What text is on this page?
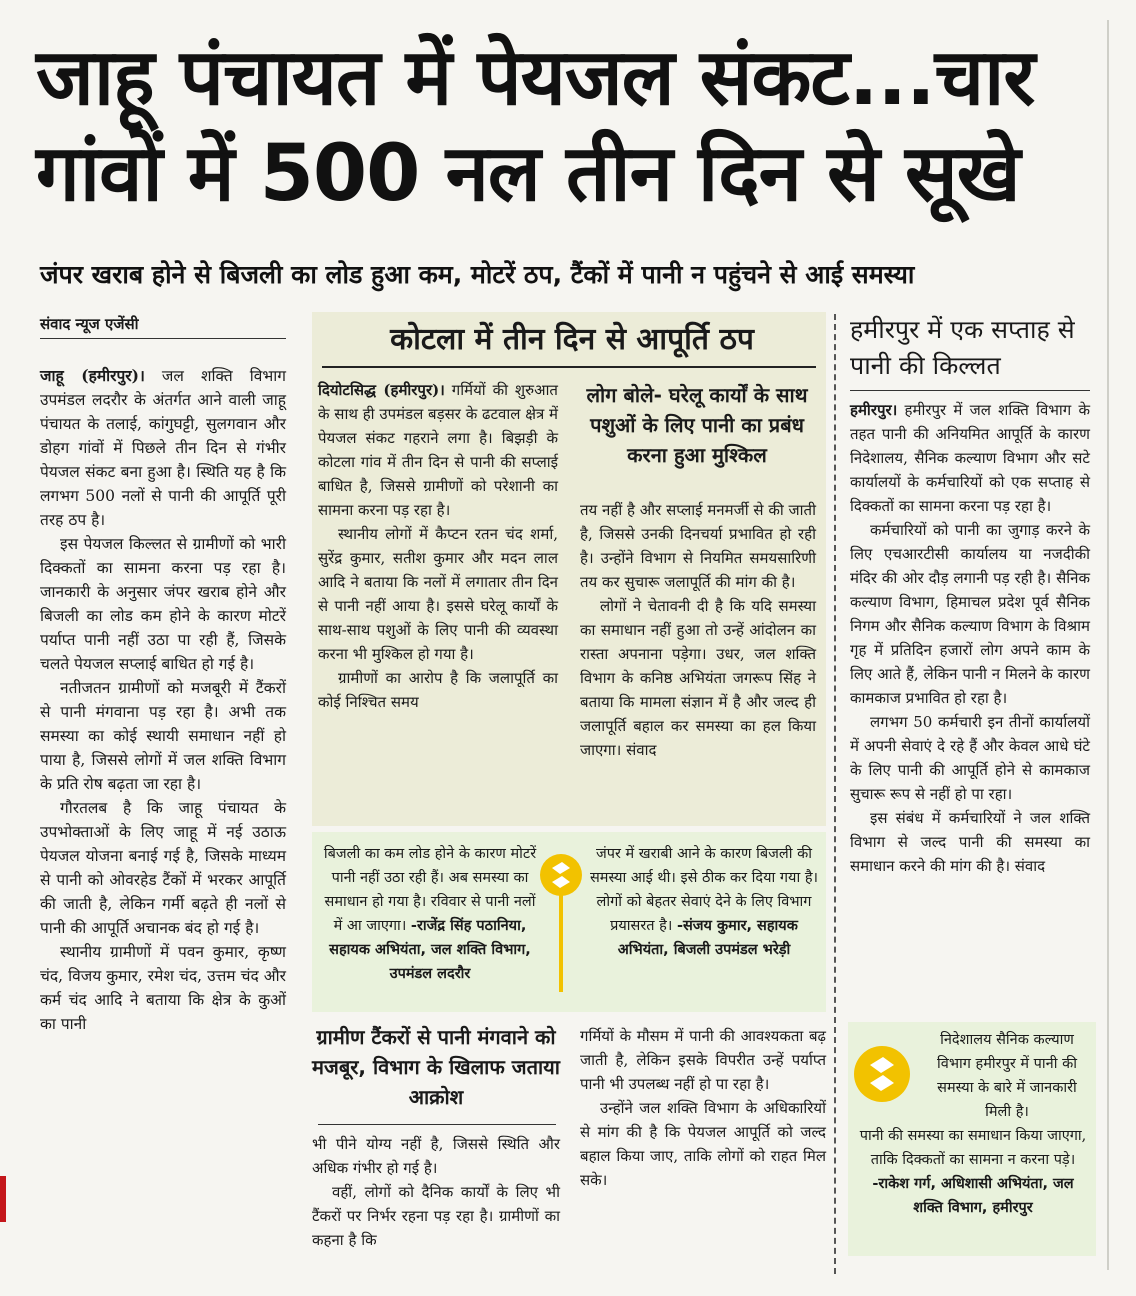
जाहू पंचायत में पेयजल संकट...चार गांवों में 500 नल तीन दिन से सूखे
जंपर खराब होने से बिजली का लोड हुआ कम, मोटरें ठप, टैंकों में पानी न पहुंचने से आई समस्या
संवाद न्यूज एजेंसी

जाहू (हमीरपुर)। जल शक्ति विभाग उपमंडल लदरौर के अंतर्गत आने वाली जाहू पंचायत के तलाई, कांगुघट्टी, सुलगवान और डोहग गांवों में पिछले तीन दिन से गंभीर पेयजल संकट बना हुआ है। स्थिति यह है कि लगभग 500 नलों से पानी की आपूर्ति पूरी तरह ठप है।

इस पेयजल किल्लत से ग्रामीणों को भारी दिक्कतों का सामना करना पड़ रहा है। जानकारी के अनुसार जंपर खराब होने और बिजली का लोड कम होने के कारण मोटरें पर्याप्त पानी नहीं उठा पा रही हैं, जिसके चलते पेयजल सप्लाई बाधित हो गई है।

नतीजतन ग्रामीणों को मजबूरी में टैंकरों से पानी मंगवाना पड़ रहा है। अभी तक समस्या का कोई स्थायी समाधान नहीं हो पाया है, जिससे लोगों में जल शक्ति विभाग के प्रति रोष बढ़ता जा रहा है।

गौरतलब है कि जाहू पंचायत के उपभोक्ताओं के लिए जाहू में नई उठाऊ पेयजल योजना बनाई गई है, जिसके माध्यम से पानी को ओवरहेड टैंकों में भरकर आपूर्ति की जाती है, लेकिन गर्मी बढ़ते ही नलों से पानी की आपूर्ति अचानक बंद हो गई है।

स्थानीय ग्रामीणों में पवन कुमार, कृष्ण चंद, विजय कुमार, रमेश चंद, उत्तम चंद और कर्म चंद आदि ने बताया कि क्षेत्र के कुओं का पानी

कोटला में तीन दिन से आपूर्ति ठप

दियोटसिद्ध (हमीरपुर)। गर्मियों की शुरुआत के साथ ही उपमंडल बड़सर के ढटवाल क्षेत्र में पेयजल संकट गहराने लगा है। बिझड़ी के कोटला गांव में तीन दिन से पानी की सप्लाई बाधित है, जिससे ग्रामीणों को परेशानी का सामना करना पड़ रहा है।

स्थानीय लोगों में कैप्टन रतन चंद शर्मा, सुरेंद्र कुमार, सतीश कुमार और मदन लाल आदि ने बताया कि नलों में लगातार तीन दिन से पानी नहीं आया है। इससे घरेलू कार्यों के साथ-साथ पशुओं के लिए पानी की व्यवस्था करना भी मुश्किल हो गया है।

ग्रामीणों का आरोप है कि जलापूर्ति का कोई निश्चित समय

लोग बोले- घरेलू कार्यों के साथ पशुओं के लिए पानी का प्रबंध करना हुआ मुश्किल

तय नहीं है और सप्लाई मनमर्जी से की जाती है, जिससे उनकी दिनचर्या प्रभावित हो रही है। उन्होंने विभाग से नियमित समयसारिणी तय कर सुचारू जलापूर्ति की मांग की है।

लोगों ने चेतावनी दी है कि यदि समस्या का समाधान नहीं हुआ तो उन्हें आंदोलन का रास्ता अपनाना पड़ेगा। उधर, जल शक्ति विभाग के कनिष्ठ अभियंता जगरूप सिंह ने बताया कि मामला संज्ञान में है और जल्द ही जलापूर्ति बहाल कर समस्या का हल किया जाएगा। संवाद

बिजली का कम लोड होने के कारण मोटरें पानी नहीं उठा रही हैं। अब समस्या का समाधान हो गया है। रविवार से पानी नलों में आ जाएगा। -राजेंद्र सिंह पठानिया, सहायक अभियंता, जल शक्ति विभाग, उपमंडल लदरौर
जंपर में खराबी आने के कारण बिजली की समस्या आई थी। इसे ठीक कर दिया गया है। लोगों को बेहतर सेवाएं देने के लिए विभाग प्रयासरत है। -संजय कुमार, सहायक अभियंता, बिजली उपमंडल भरेड़ी
ग्रामीण टैंकरों से पानी मंगवाने को मजबूर, विभाग के खिलाफ जताया आक्रोश

भी पीने योग्य नहीं है, जिससे स्थिति और अधिक गंभीर हो गई है।

वहीं, लोगों को दैनिक कार्यों के लिए भी टैंकरों पर निर्भर रहना पड़ रहा है। ग्रामीणों का कहना है कि

गर्मियों के मौसम में पानी की आवश्यकता बढ़ जाती है, लेकिन इसके विपरीत उन्हें पर्याप्त पानी भी उपलब्ध नहीं हो पा रहा है।

उन्होंने जल शक्ति विभाग के अधिकारियों से मांग की है कि पेयजल आपूर्ति को जल्द बहाल किया जाए, ताकि लोगों को राहत मिल सके।

हमीरपुर में एक सप्ताह से पानी की किल्लत

हमीरपुर। हमीरपुर में जल शक्ति विभाग के तहत पानी की अनियमित आपूर्ति के कारण निदेशालय, सैनिक कल्याण विभाग और सटे कार्यालयों के कर्मचारियों को एक सप्ताह से दिक्कतों का सामना करना पड़ रहा है।

कर्मचारियों को पानी का जुगाड़ करने के लिए एचआरटीसी कार्यालय या नजदीकी मंदिर की ओर दौड़ लगानी पड़ रही है। सैनिक कल्याण विभाग, हिमाचल प्रदेश पूर्व सैनिक निगम और सैनिक कल्याण विभाग के विश्राम गृह में प्रतिदिन हजारों लोग अपने काम के लिए आते हैं, लेकिन पानी न मिलने के कारण कामकाज प्रभावित हो रहा है।

लगभग 50 कर्मचारी इन तीनों कार्यालयों में अपनी सेवाएं दे रहे हैं और केवल आधे घंटे के लिए पानी की आपूर्ति होने से कामकाज सुचारू रूप से नहीं हो पा रहा।

इस संबंध में कर्मचारियों ने जल शक्ति विभाग से जल्द पानी की समस्या का समाधान करने की मांग की है। संवाद

निदेशालय सैनिक कल्याण विभाग हमीरपुर में पानी की समस्या के बारे में जानकारी मिली है।

पानी की समस्या का समाधान किया जाएगा, ताकि दिक्कतों का सामना न करना पड़े। -राकेश गर्ग, अधिशासी अभियंता, जल शक्ति विभाग, हमीरपुर
